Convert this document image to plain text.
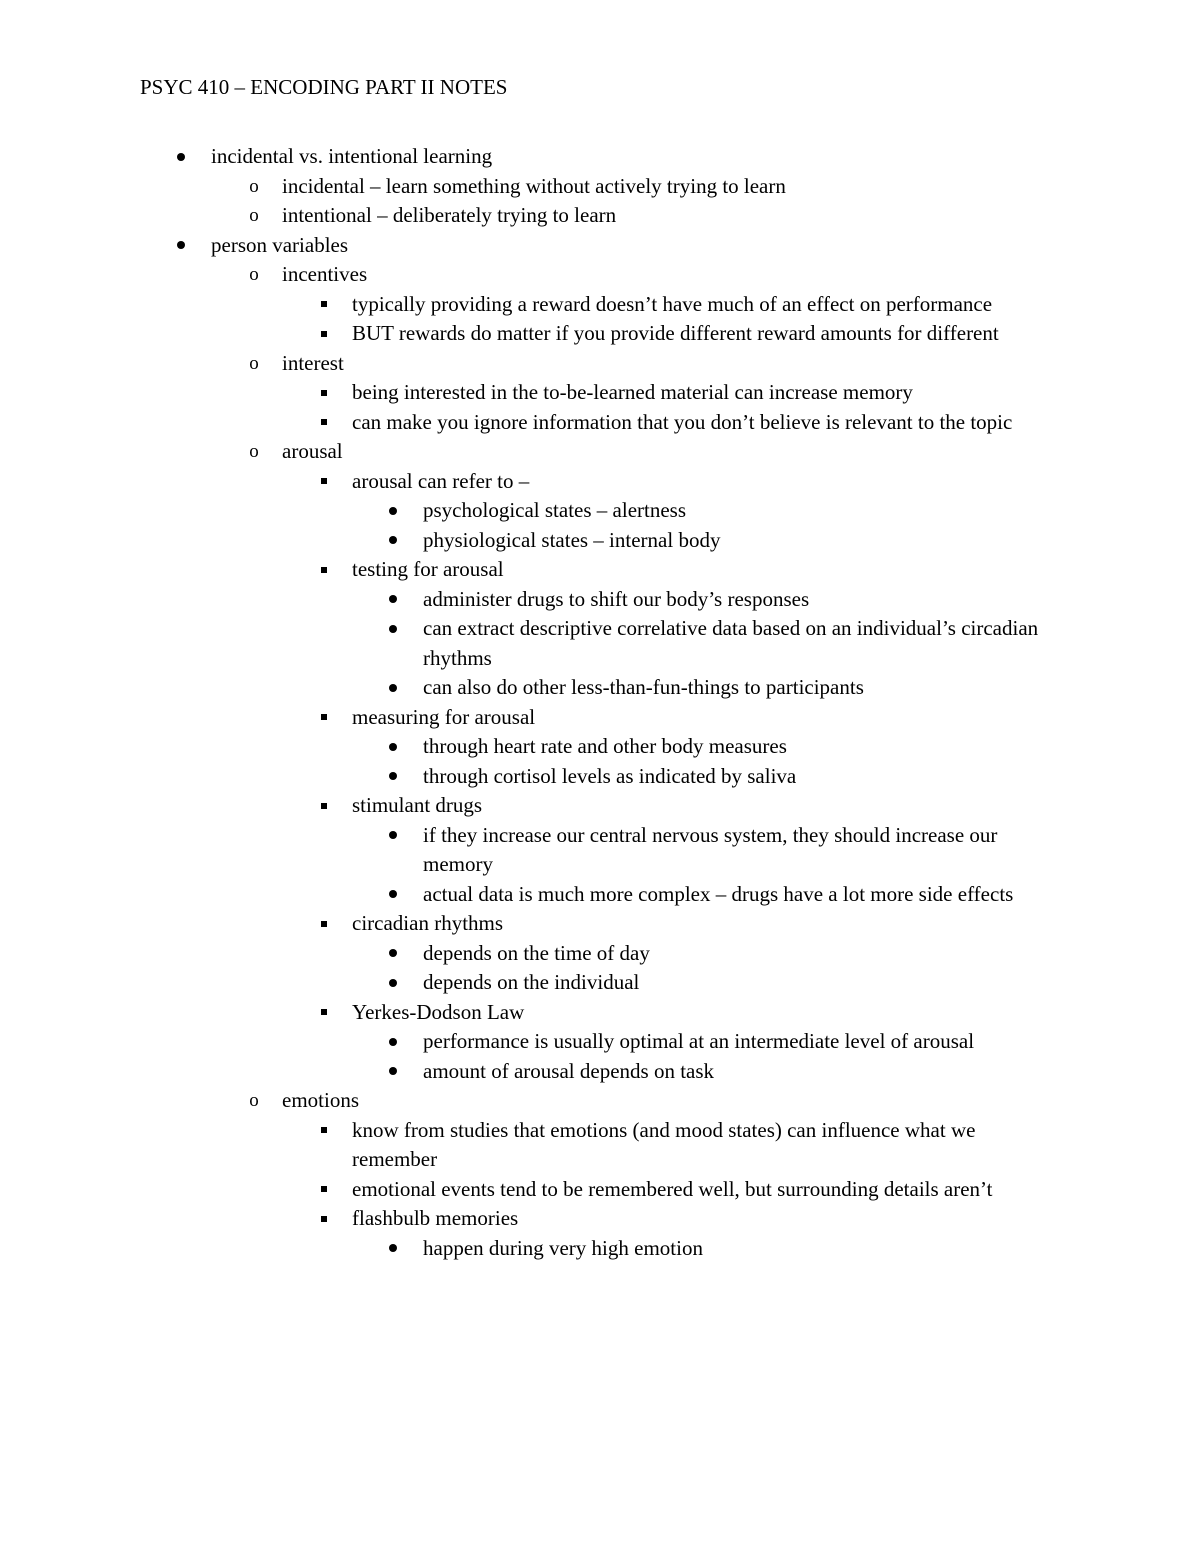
PSYC 410 – ENCODING PART II NOTES
incidental vs. intentional learning
o incidental – learn something without actively trying to learn
o intentional – deliberately trying to learn
person variables
o incentives
typically providing a reward doesn’t have much of an effect on performance
BUT rewards do matter if you provide different reward amounts for different
o interest
being interested in the to-be-learned material can increase memory
can make you ignore information that you don’t believe is relevant to the topic
o arousal
arousal can refer to –
psychological states – alertness
physiological states – internal body
testing for arousal
administer drugs to shift our body’s responses
can extract descriptive correlative data based on an individual’s circadian rhythms
can also do other less-than-fun-things to participants
measuring for arousal
through heart rate and other body measures
through cortisol levels as indicated by saliva
stimulant drugs
if they increase our central nervous system, they should increase our memory
actual data is much more complex – drugs have a lot more side effects
circadian rhythms
depends on the time of day
depends on the individual
Yerkes-Dodson Law
performance is usually optimal at an intermediate level of arousal
amount of arousal depends on task
o emotions
know from studies that emotions (and mood states) can influence what we remember
emotional events tend to be remembered well, but surrounding details aren’t
flashbulb memories
happen during very high emotion
